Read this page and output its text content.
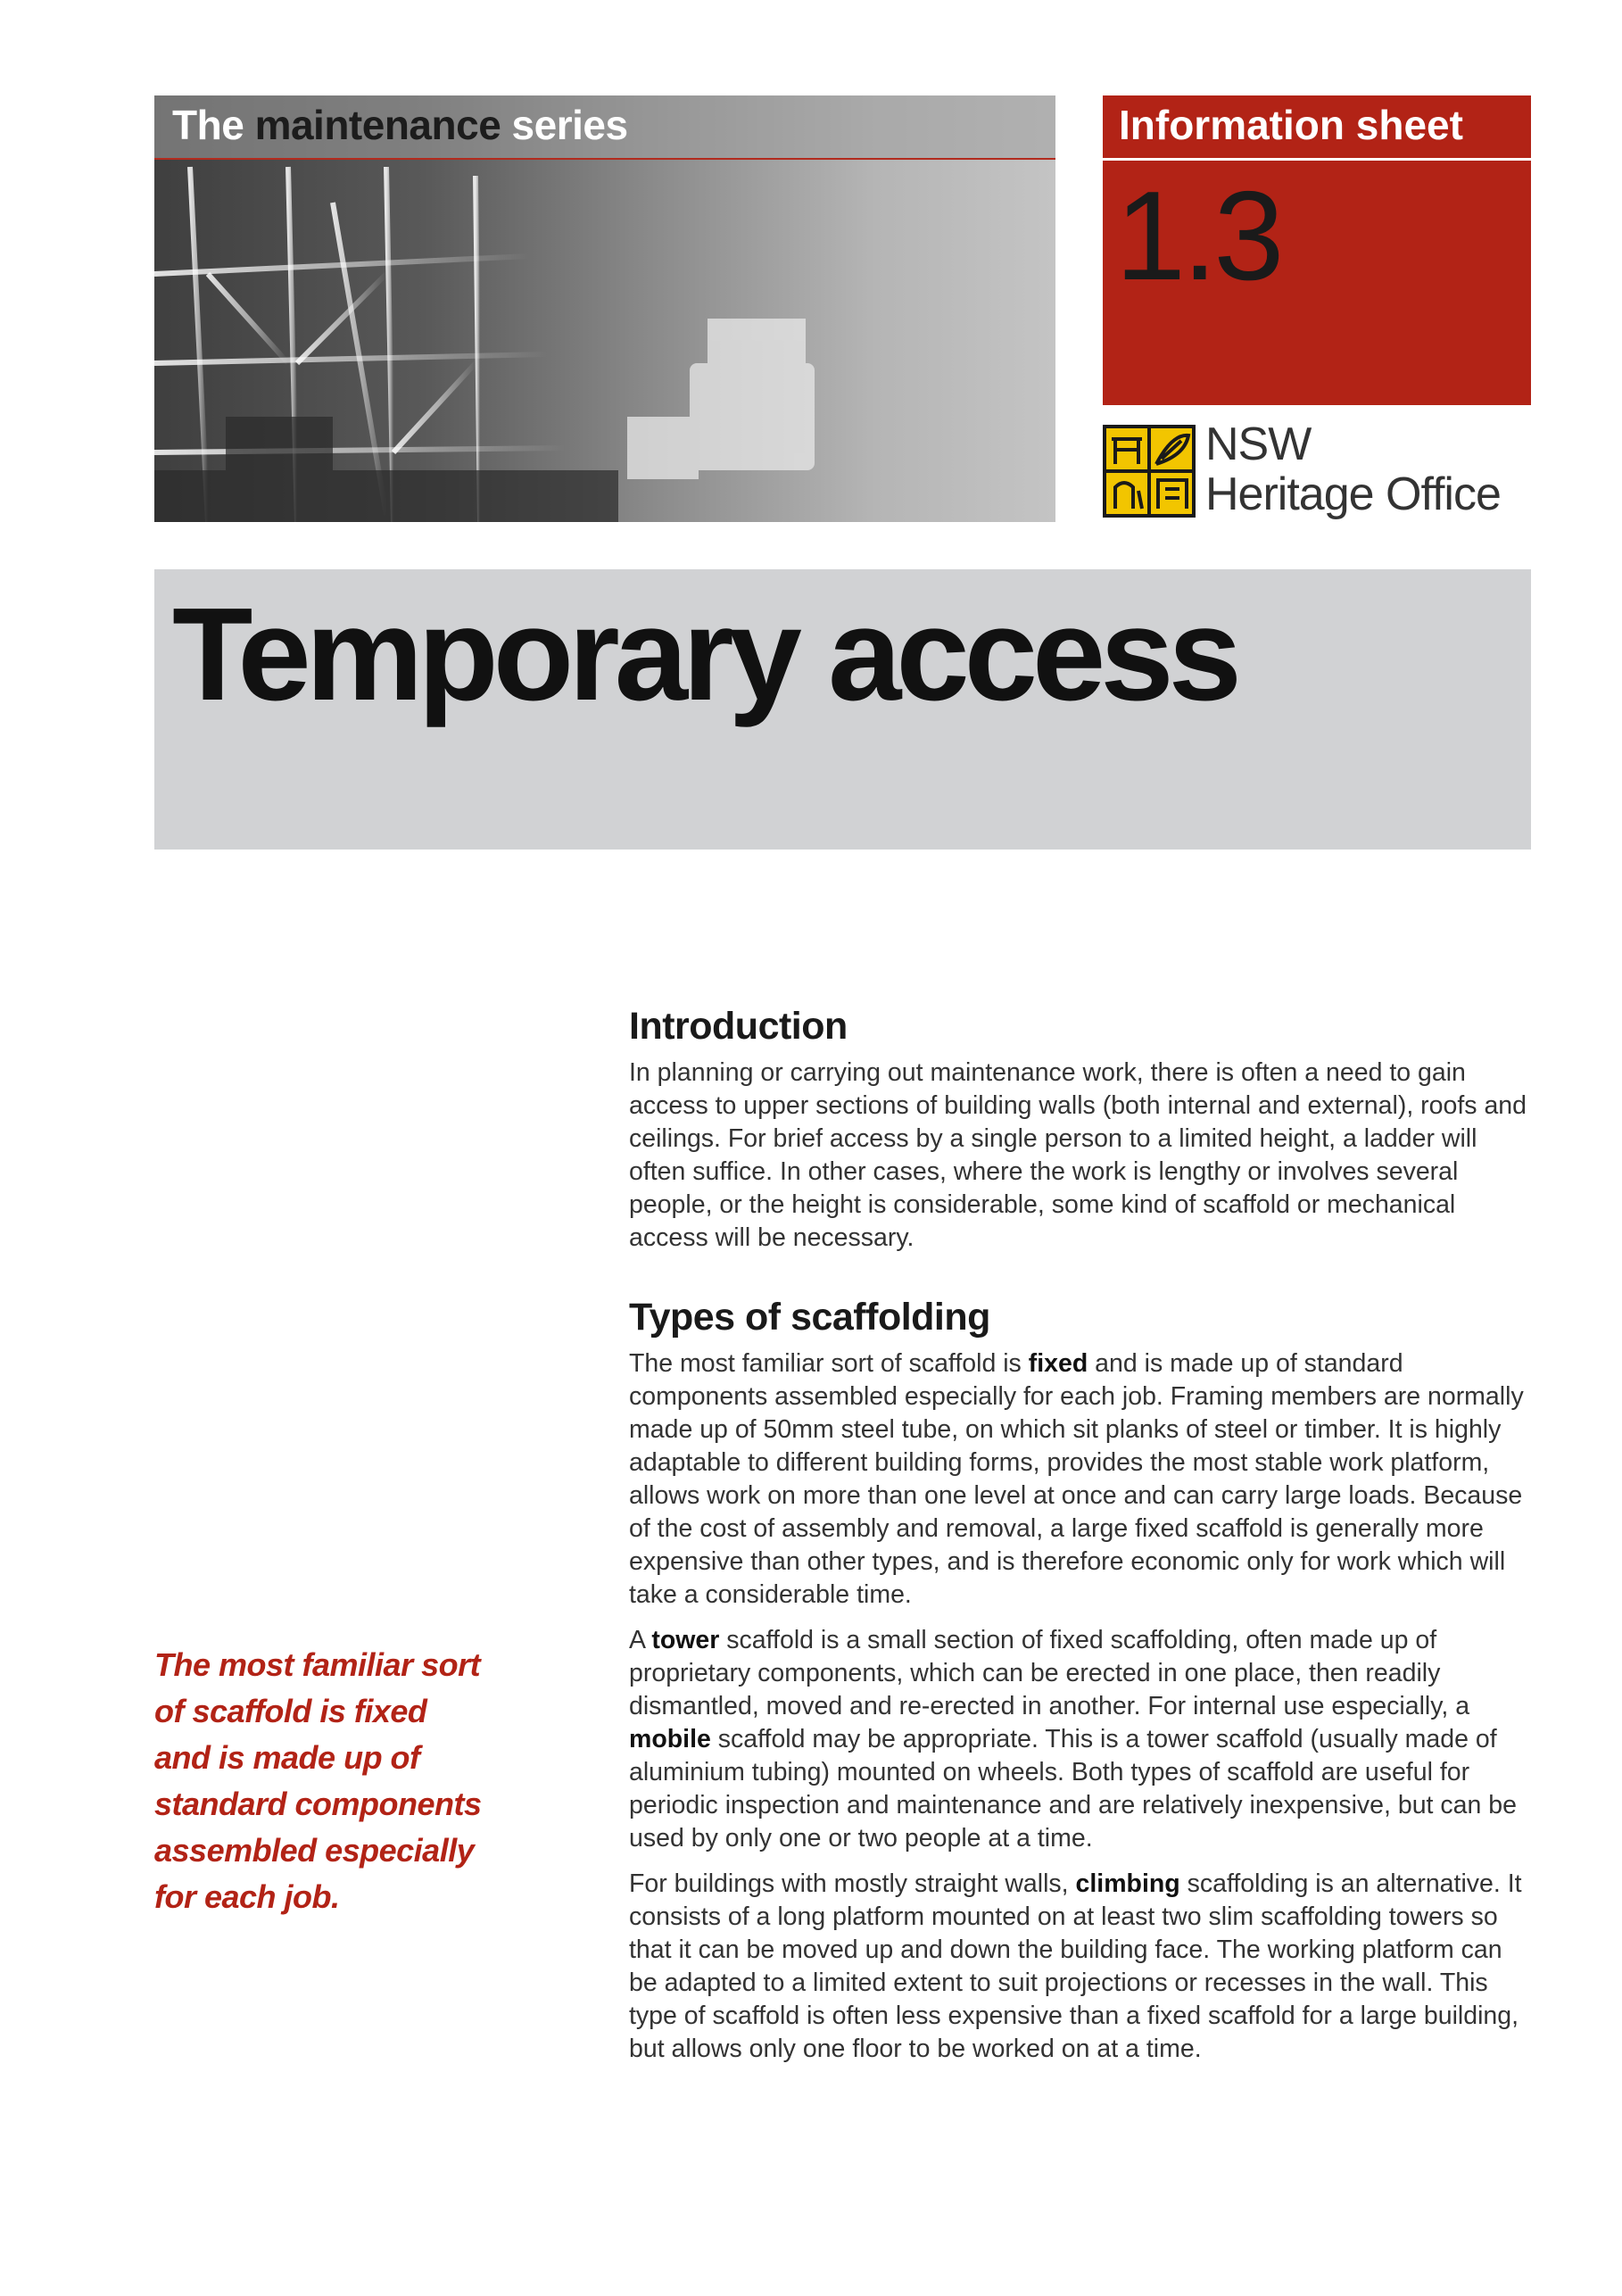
The maintenance series	Information sheet
1.3
NSW
Heritage Office
Temporary access
The most familiar sort
of scaffold is fixed
and is made up of
standard components
assembled especially
for each job.
Introduction

In planning or carrying out maintenance work, there is often a need to gain access to upper sections of building walls (both internal and external), roofs and ceilings. For brief access by a single person to a limited height, a ladder will often suffice. In other cases, where the work is lengthy or involves several people, or the height is considerable, some kind of scaffold or mechanical access will be necessary.

Types of scaffolding

The most familiar sort of scaffold is fixed and is made up of standard components assembled especially for each job. Framing members are normally made up of 50mm steel tube, on which sit planks of steel or timber. It is highly adaptable to different building forms, provides the most stable work platform, allows work on more than one level at once and can carry large loads. Because of the cost of assembly and removal, a large fixed scaffold is generally more expensive than other types, and is therefore economic only for work which will take a considerable time.

A tower scaffold is a small section of fixed scaffolding, often made up of proprietary components, which can be erected in one place, then readily dismantled, moved and re-erected in another. For internal use especially, a mobile scaffold may be appropriate. This is a tower scaffold (usually made of aluminium tubing) mounted on wheels. Both types of scaffold are useful for periodic inspection and maintenance and are relatively inexpensive, but can be used by only one or two people at a time.

For buildings with mostly straight walls, climbing scaffolding is an alternative. It consists of a long platform mounted on at least two slim scaffolding towers so that it can be moved up and down the building face. The working platform can be adapted to a limited extent to suit projections or recesses in the wall. This type of scaffold is often less expensive than a fixed scaffold for a large building, but allows only one floor to be worked on at a time.
